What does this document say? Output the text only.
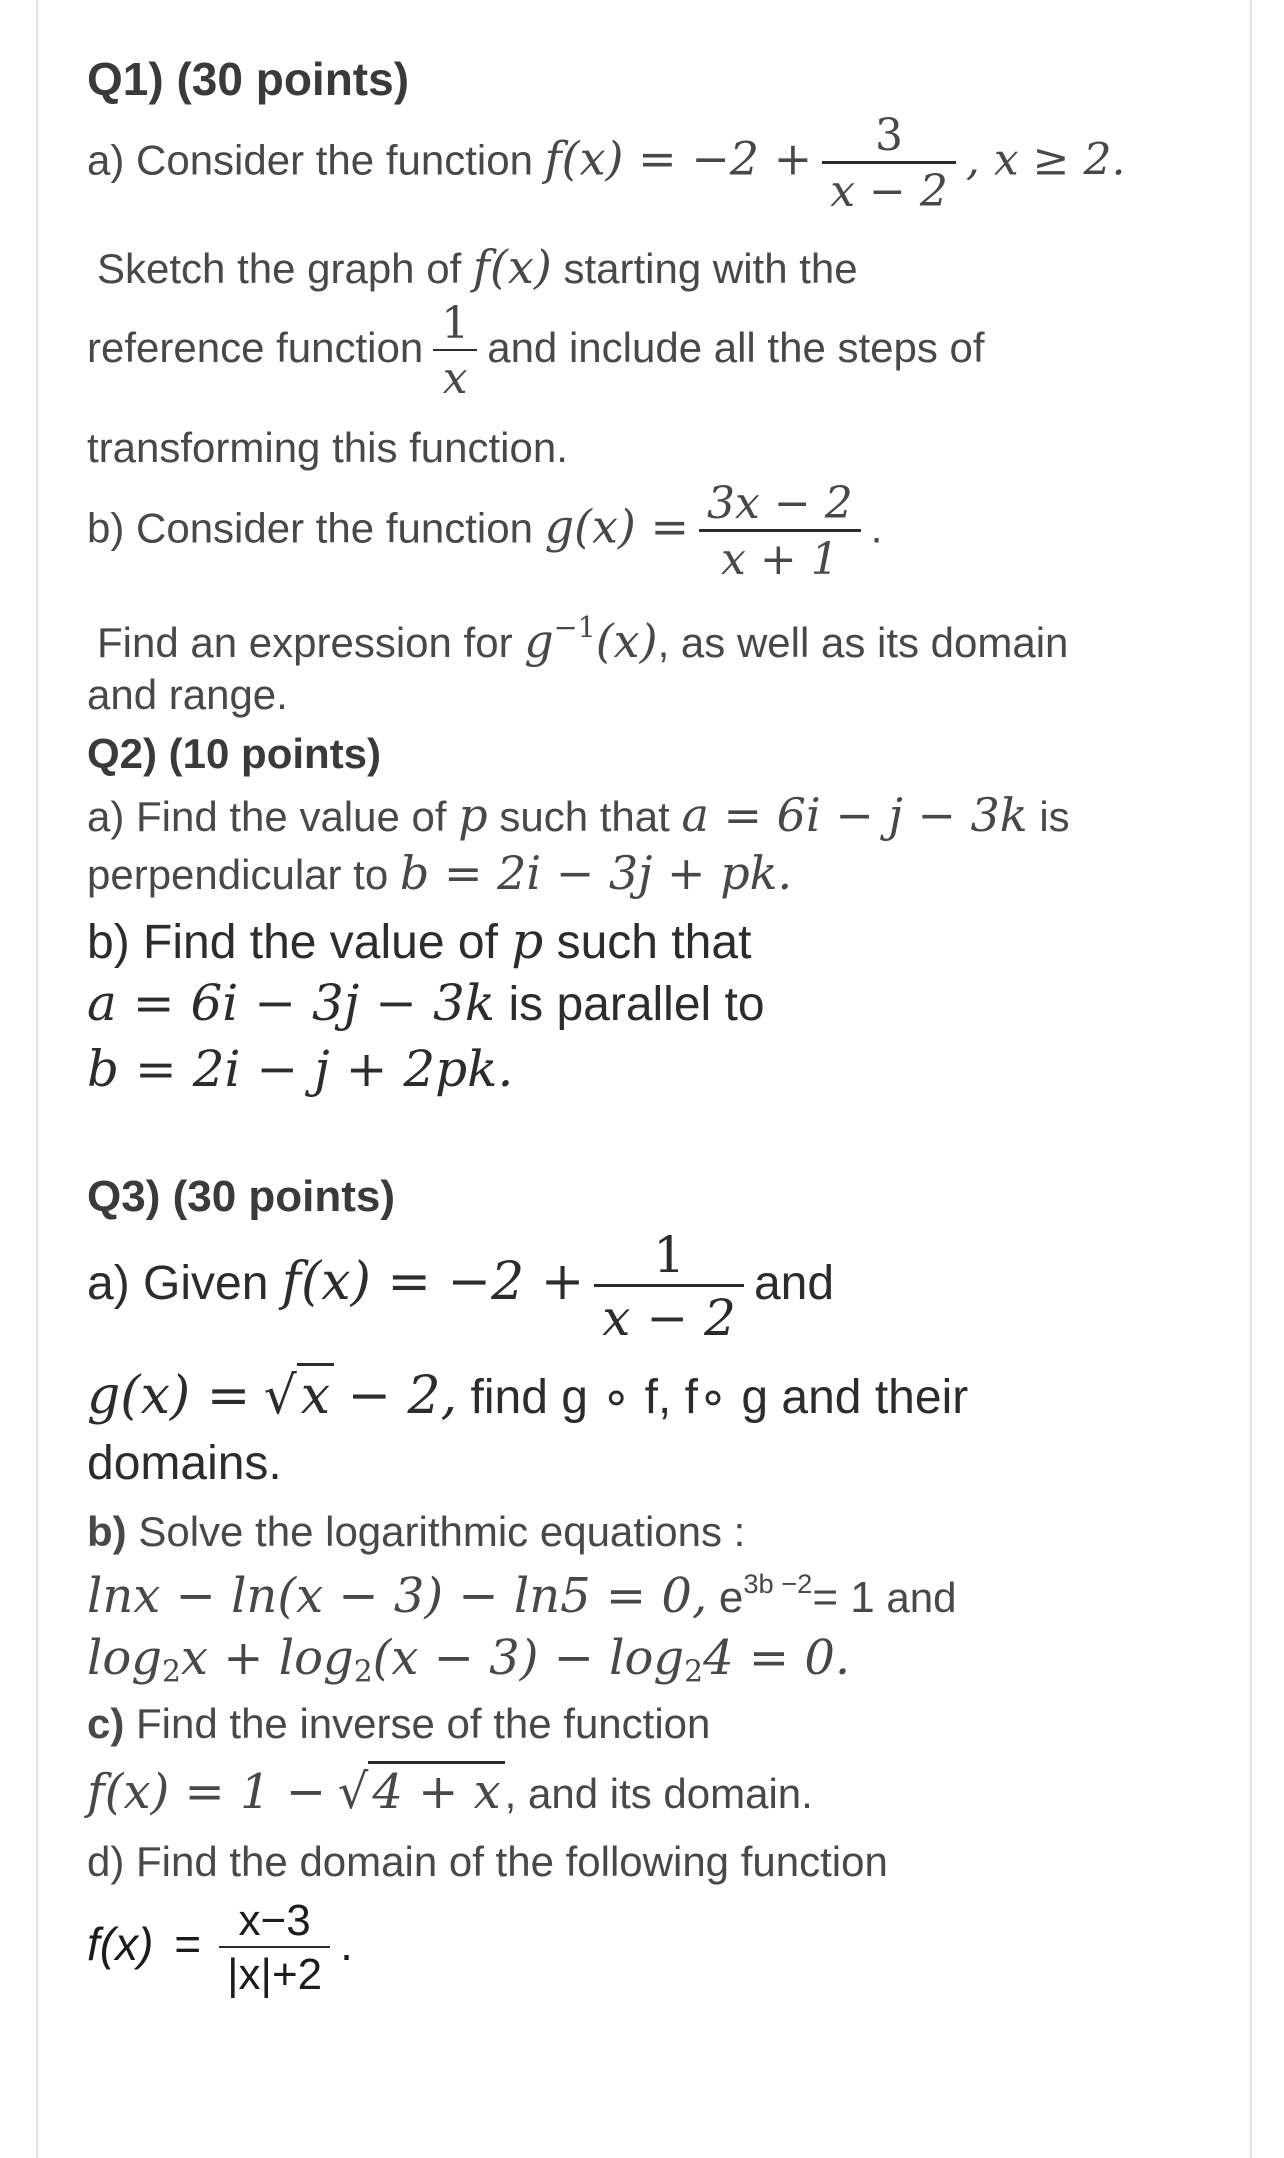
Q1) (30 points)
a) Consider the function $f(x) = -2 + \frac{3}{x - 2}$ , x ≥ 2.
Sketch the graph of f(x) starting with the
reference function $\frac{1}{x}$ and include all the steps of
transforming this function.
b) Consider the function $g(x) = \frac{3x - 2}{x + 1}$ .
Find an expression for $g^{-1}(x)$, as well as its domain
and range.
Q2) (10 points)
a) Find the value of p such that a = 6i − j − 3k is
perpendicular to b = 2i − 3j + pk.
b) Find the value of p such that
a = 6i − 3j − 3k is parallel to
b = 2i − j + 2pk.
Q3) (30 points)
a) Given $f(x) = -2 + \frac{1}{x - 2}$ and
g(x) = √x − 2, find g ∘ f, f∘ g and their
domains.
b) Solve the logarithmic equations :
lnx − ln(x − 3) − ln5 = 0, $e^{3b -2}= 1$ and
$\log_2x + \log_2(x - 3) - \log_24 = 0$.
c) Find the inverse of the function
f(x) = 1 − √4 + x, and its domain.
d) Find the domain of the following function
$f(x) = \frac{x-3}{|x|+2}$ .
